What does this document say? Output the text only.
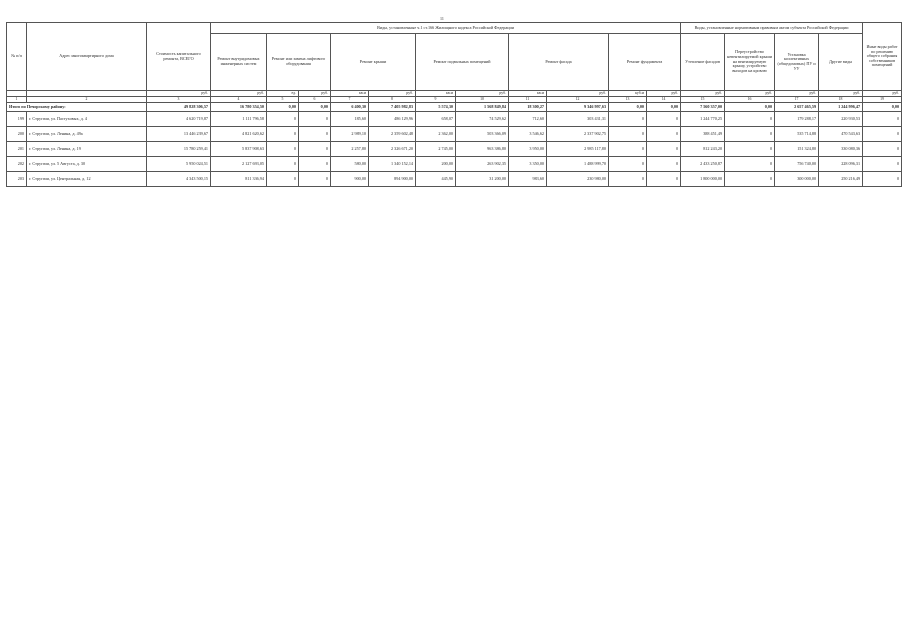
11
№ п/п	Адрес многоквартирного дома	Стоимость капитального ремонта, ВСЕГО	Виды, установленные ч.1 ст.166 Жилищного кодекса Российской Федерации											Виды, установленные нормативным правовым актом субъекта Российской Федерации				Иные виды работ по решению общего собрания собственников помещений
			Ремонт внутридомовых инженерных систем	Ремонт или замена лифтового оборудования		Ремонт крыши		Ремонт подвальных помещений		Ремонт фасада		Ремонт фундамента		Утепление фасадов	Переустройство невентилируемой крыши на вентилируемую крышу, устройство выходов на кровлю	Установка коллективных (общедомовых) ПУ и УУ	Другие виды	
		руб.	руб.	ед.	руб.	кв.м	руб.	кв.м	руб.	кв.м	руб.	куб.м	руб.	руб.	руб.	руб.	руб.	руб.
1	2	3	4	5	6	7	8	9	10	11	12	13	14	15	16	17	18	19
Итого по Печорскому району:		49 828 306,57	16 780 354,50	0,00	0,00	6 400,30	7 405 982,83	5 574,30	1 568 849,84	18 300,27	9 346 997,63	0,00	0,00	7 560 357,00	0,00	2 657 465,59	1 244 996,47	0,00
199	г. Стругачи, ул. Пастуховых, д. 4	4 620 719,87	1 111 796,58	0	0	185,60	486 129,96	658,07	74 529,62	712,60	303 431,31	0	0	1 244 770,25	0	179 288,17	220 930,53	0
200	г. Стругачи, ул. Ленина, д. 49а	13 446 239,67	4 821 620,62	0	0	2 989,10	2 359 602,48	2 362,00	503 366,09	3 546,62	2 337 902,75	0	0	388 451,49	0	535 714,88	470 543,63	0
201	г. Стругачи, ул. Ленина, д. 19	15 780 259,41	5 837 908,63	0	0	2 257,80	2 326 671,20	2 745,00	963 386,80	3 950,00	2 985 117,80	0	0	812 243,20	0	151 324,80	330 080,36	0
202	г. Стругачи, ул. 5 Августа, д. 30	5 950 024,51	2 127 693,05	0	0	580,00	1 340 152,14	200,00	263 902,35	3 350,00	1 488 999,70	0	0	2 433 250,87	0	756 740,00	228 096,31	0
203	г. Стругачи, ул. Центральная, д. 12	4 343 500,15	811 336,94	0	0	900,00	894 900,00	445,90	31 200,00	983,60	230 980,00	0	0	1 800 000,00	0	300 000,00	250 216,49	0
